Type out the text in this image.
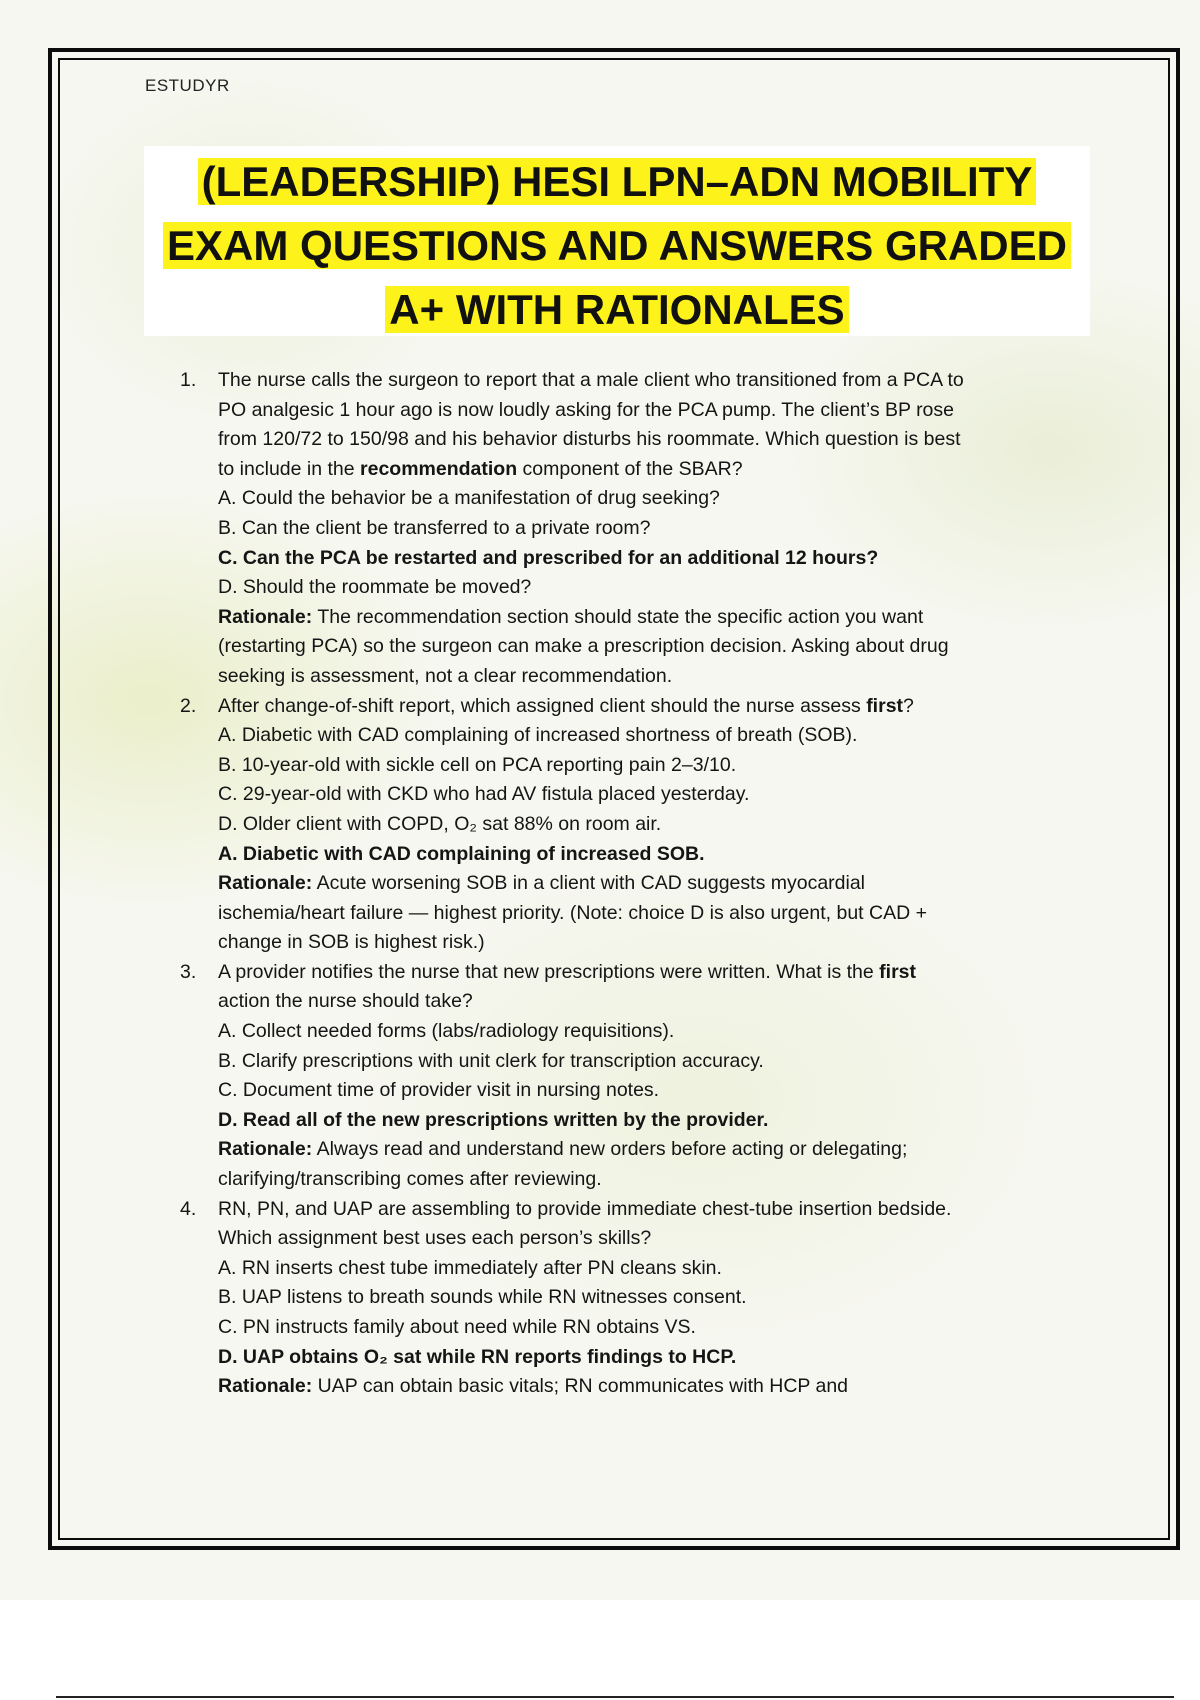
ESTUDYR
(LEADERSHIP) HESI LPN–ADN MOBILITY
EXAM QUESTIONS AND ANSWERS GRADED
A+ WITH RATIONALES
1. The nurse calls the surgeon to report that a male client who transitioned from a PCA to
PO analgesic 1 hour ago is now loudly asking for the PCA pump. The client’s BP rose
from 120/72 to 150/98 and his behavior disturbs his roommate. Which question is best
to include in the recommendation component of the SBAR?
A. Could the behavior be a manifestation of drug seeking?
B. Can the client be transferred to a private room?
C. Can the PCA be restarted and prescribed for an additional 12 hours?
D. Should the roommate be moved?
Rationale: The recommendation section should state the specific action you want
(restarting PCA) so the surgeon can make a prescription decision. Asking about drug
seeking is assessment, not a clear recommendation.
2. After change-of-shift report, which assigned client should the nurse assess first?
A. Diabetic with CAD complaining of increased shortness of breath (SOB).
B. 10-year-old with sickle cell on PCA reporting pain 2–3/10.
C. 29-year-old with CKD who had AV fistula placed yesterday.
D. Older client with COPD, O₂ sat 88% on room air.
A. Diabetic with CAD complaining of increased SOB.
Rationale: Acute worsening SOB in a client with CAD suggests myocardial
ischemia/heart failure — highest priority. (Note: choice D is also urgent, but CAD +
change in SOB is highest risk.)
3. A provider notifies the nurse that new prescriptions were written. What is the first
action the nurse should take?
A. Collect needed forms (labs/radiology requisitions).
B. Clarify prescriptions with unit clerk for transcription accuracy.
C. Document time of provider visit in nursing notes.
D. Read all of the new prescriptions written by the provider.
Rationale: Always read and understand new orders before acting or delegating;
clarifying/transcribing comes after reviewing.
4. RN, PN, and UAP are assembling to provide immediate chest-tube insertion bedside.
Which assignment best uses each person’s skills?
A. RN inserts chest tube immediately after PN cleans skin.
B. UAP listens to breath sounds while RN witnesses consent.
C. PN instructs family about need while RN obtains VS.
D. UAP obtains O₂ sat while RN reports findings to HCP.
Rationale: UAP can obtain basic vitals; RN communicates with HCP and
